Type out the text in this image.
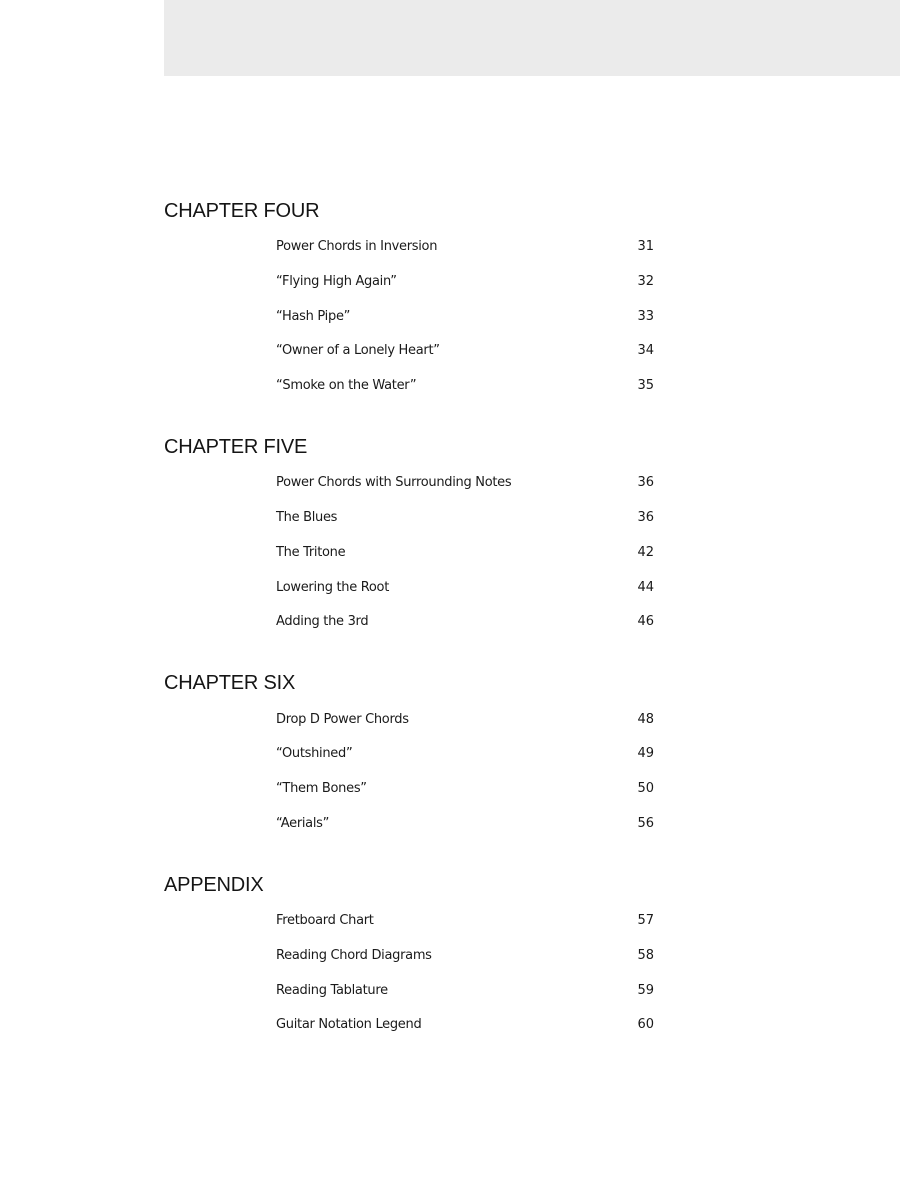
CHAPTER FOUR
Power Chords in Inversion	31
“Flying High Again”	32
“Hash Pipe”	33
“Owner of a Lonely Heart”	34
“Smoke on the Water”	35
CHAPTER FIVE
Power Chords with Surrounding Notes	36
The Blues	36
The Tritone	42
Lowering the Root	44
Adding the 3rd	46
CHAPTER SIX
Drop D Power Chords	48
“Outshined”	49
“Them Bones”	50
“Aerials”	56
APPENDIX
Fretboard Chart	57
Reading Chord Diagrams	58
Reading Tablature	59
Guitar Notation Legend	60
